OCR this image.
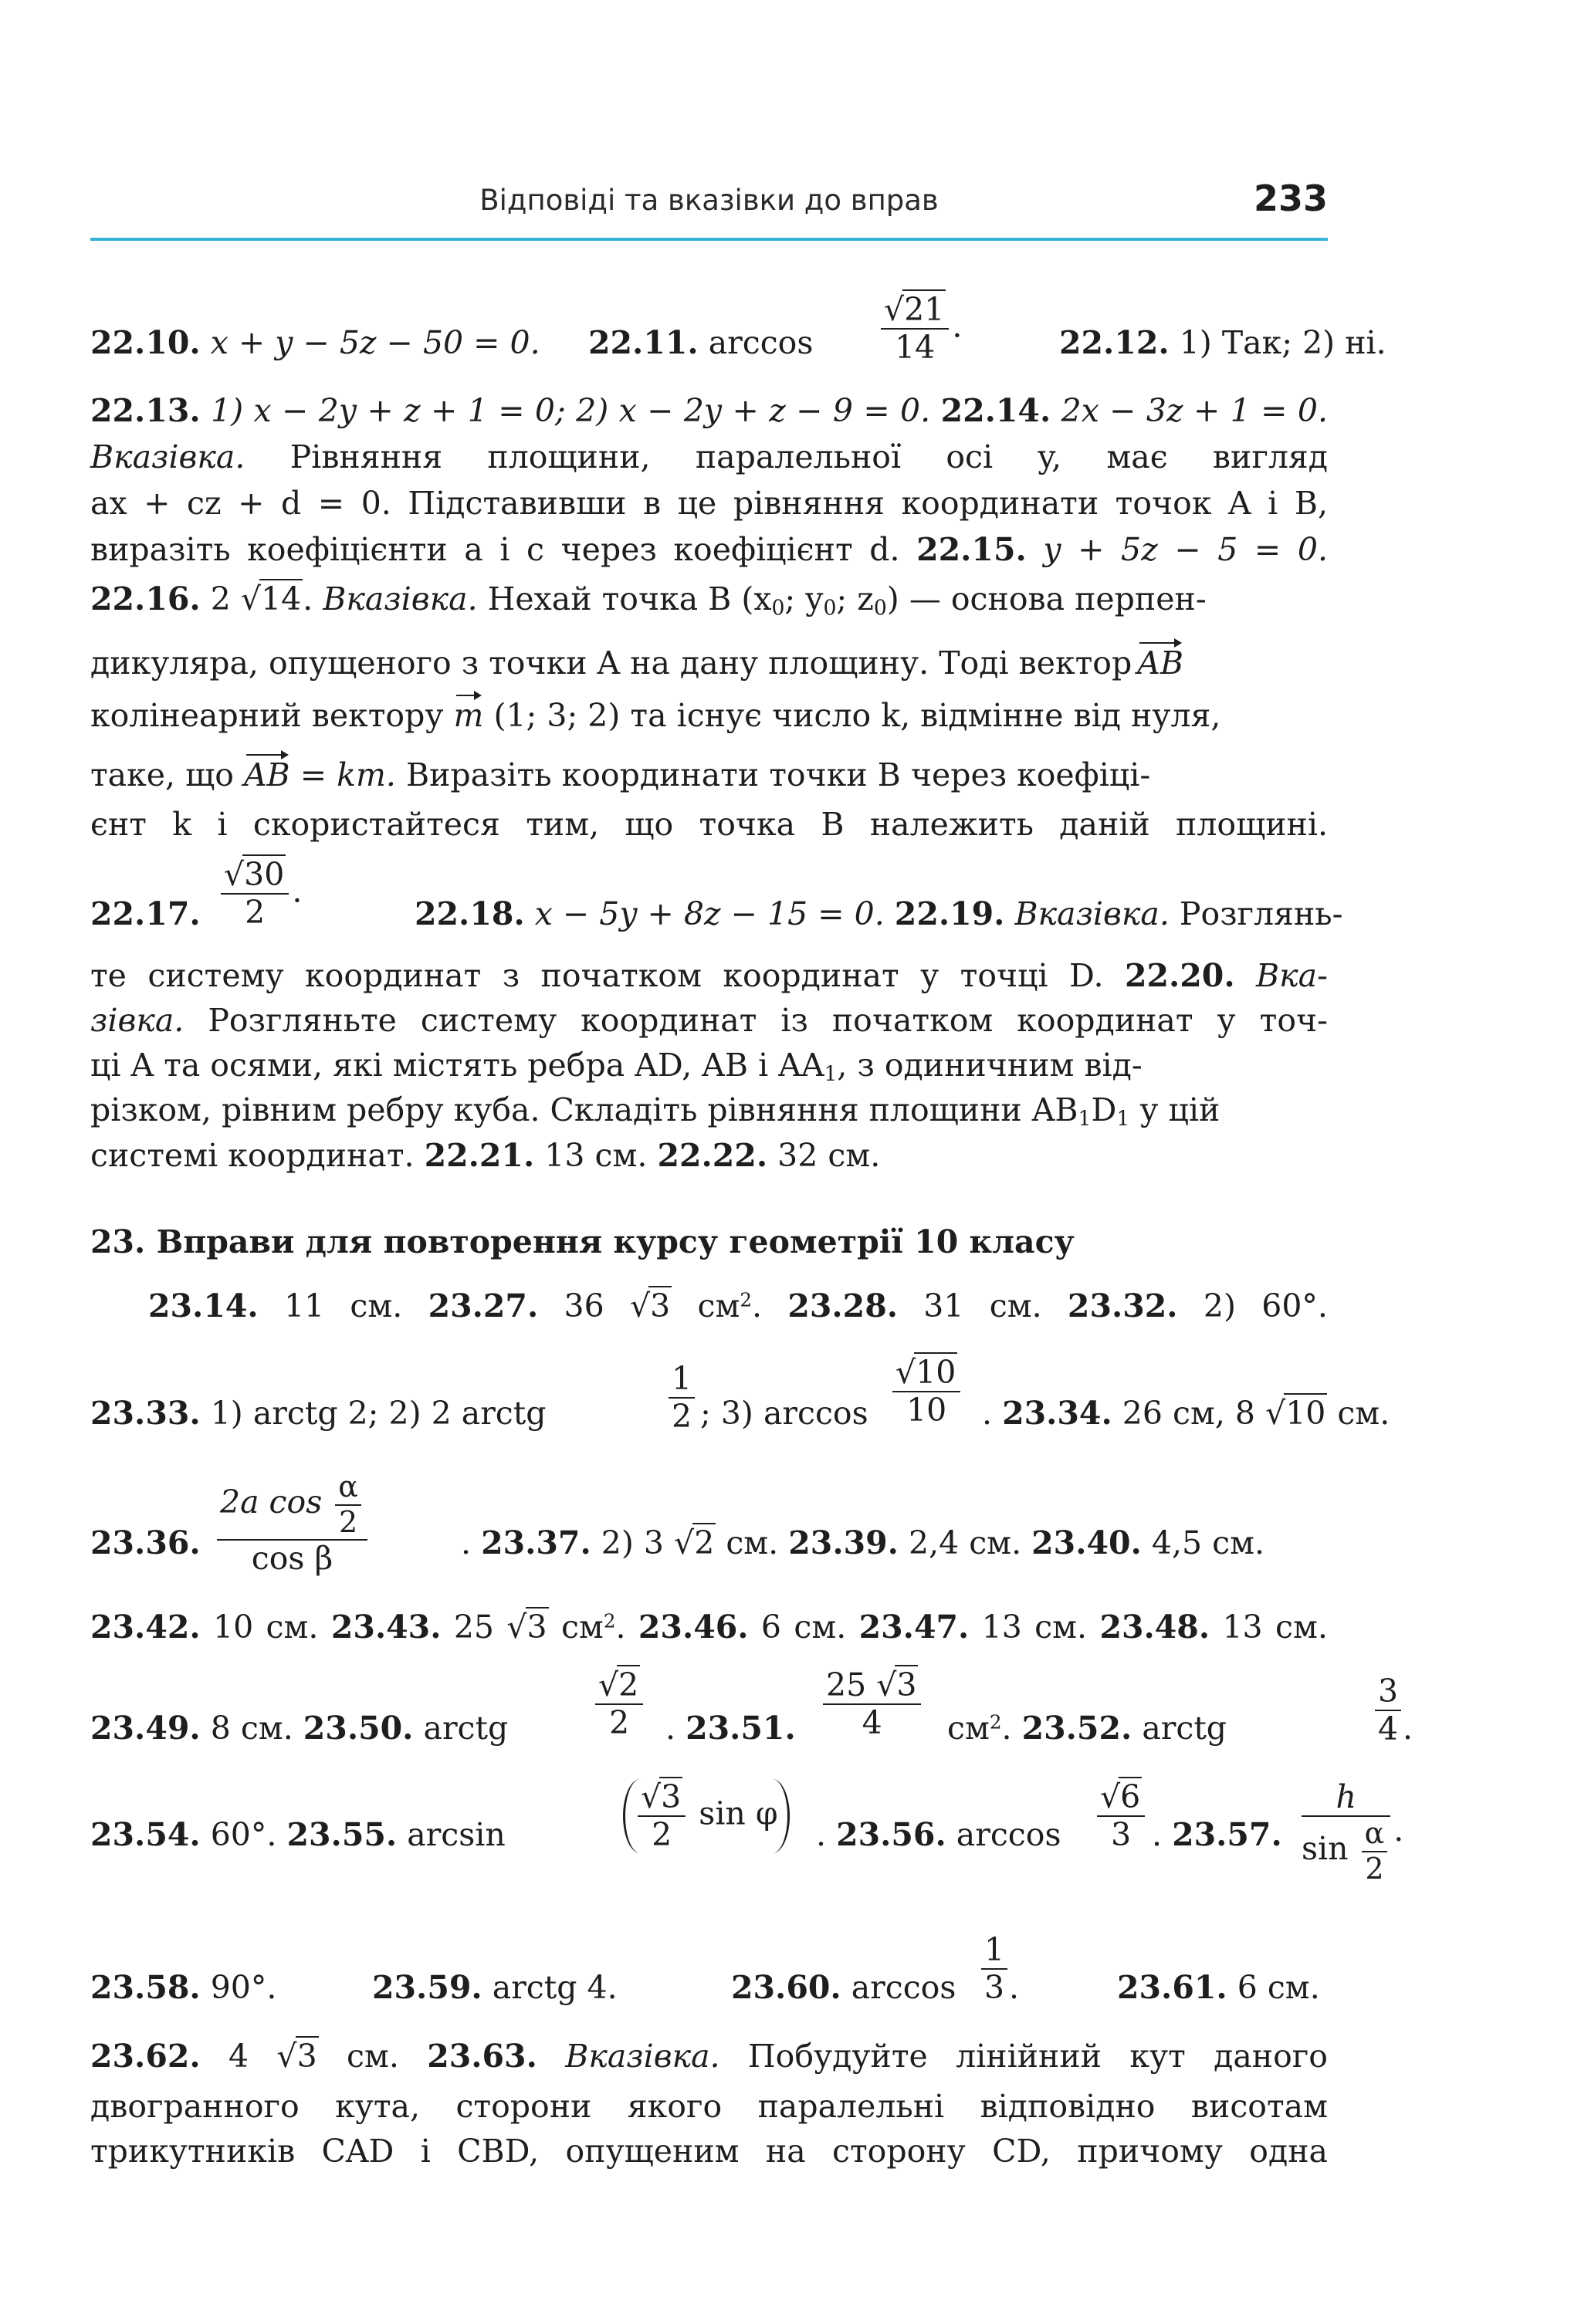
Відповіді та вказівки до вправ	233
22.10. x + y − 5z − 50 = 0. 22.11. $\arccos \frac{√21}{14}$ .	22.12. 1) Так; 2) ні.
22.13. 1) x − 2y + z + 1 = 0; 2) x − 2y + z − 9 = 0. 22.14. 2x − 3z + 1 = 0.
Вказівка. Рівняння площини, паралельної осі y, має вигляд
ax + cz + d = 0. Підставивши в це рівняння координати точок A і B,
виразіть коефіцієнти a і c через коефіцієнт d. 22.15. y + 5z − 5 = 0.
22.16. 2 √14. Вказівка. Нехай точка B ($x_0$; $y_0$; $z_0$) — основа перпен-
дикуляра, опущеного з точки A на дану площину. Тоді вектор AB
колінеарний вектору m (1; 3; 2) та існує число k, відмінне від нуля,
таке, що AB = km. Виразіть координати точки B через коефіці-
єнт k і скористайтеся тим, що точка B належить даній площині.
22.17. $\frac{√30}{2}$ .
22.18. x − 5y + 8z − 15 = 0. 22.19. Вказівка. Розглянь-
те систему координат з початком координат у точці D. 22.20. Вка-
зівка. Розгляньте систему координат із початком координат у точ-
ці A та осями, які містять ребра AD, AB і $AA_1$, з одиничним від-
різком, рівним ребру куба. Складіть рівняння площини $AB_1D_1$ у цій
системі координат. 22.21. 13 см. 22.22. 32 см.
23. Вправи для повторення курсу геометрії 10 класу
23.14. 11 см. 23.27. 36 √3 $см^2$. 23.28. 31 см. 23.32. 2) 60°.
23.33. 1) arctg 2; 2) 2 arctg	$\frac{1}{2}$ ; 3) $\arccos \frac{√10}{10}$ . 23.34. 26 см, 8 √10 см.
23.36. $\frac{2a \cos \frac{\alpha}{2}}{\text{cos β}}$	. 23.37. 2) 3 √2 см. 23.39. 2,4 см. 23.40. 4,5 см.
23.42. 10 см. 23.43. 25 √3 $см^2$. 23.46. 6 см. 23.47. 13 см. 23.48. 13 см.
23.49. 8 см. 23.50. arctg	$\frac{√2}{2}$ . 23.51. $\frac{25 √3}{4} см^2$. 23.52. arctg	$\frac{3}{4}$ .
23.54. 60°. 23.55. arcsin	$\frac{√3}{2}$ sin φ
. 23.56. $\arccos \frac{√6}{3}$ . 23.57. $\frac{h}{\sin \frac{\alpha}{2}}$ .
23.58. 90°.	23.59. arctg 4.	23.60. $\arccos \frac{1}{3}$ .	23.61. 6 см.
23.62. 4 √3 см. 23.63. Вказівка. Побудуйте лінійний кут даного
двогранного кута, сторони якого паралельні відповідно висотам
трикутників CAD і CBD, опущеним на сторону CD, причому одна
